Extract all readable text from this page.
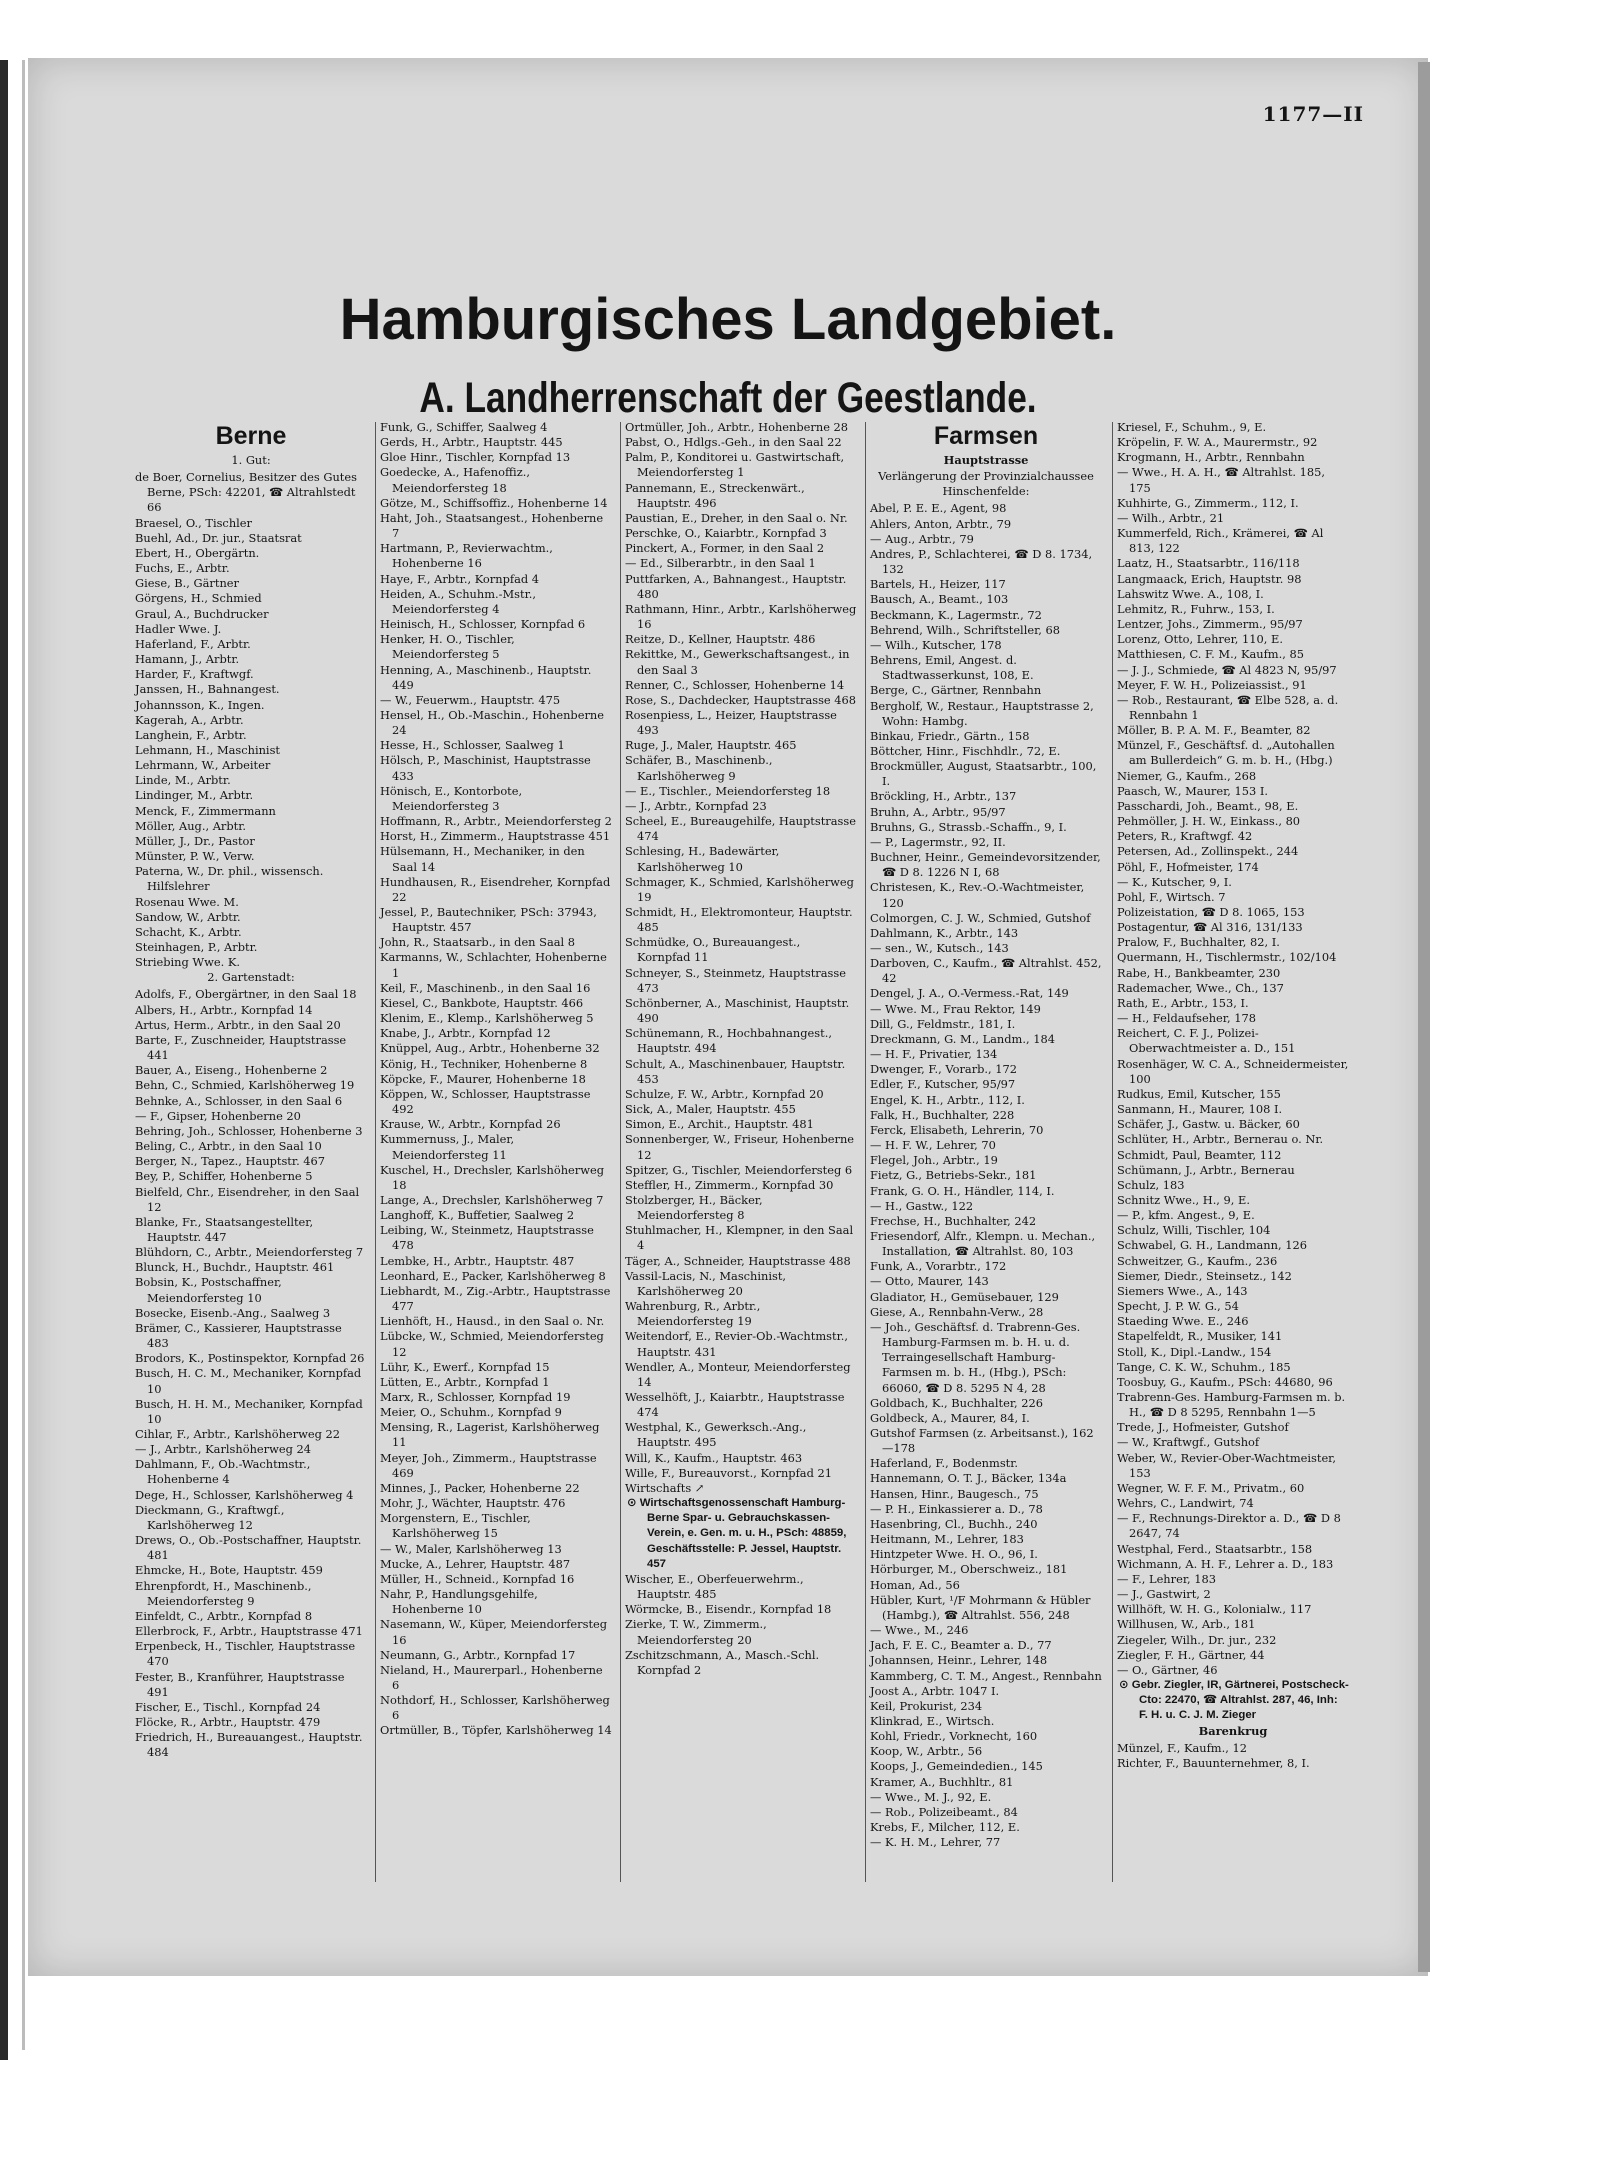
1177—II
Hamburgisches Landgebiet.
A. Landherrenschaft der Geestlande.
Berne
1. Gut:
de Boer, Cornelius, Besitzer des Gutes Berne, PSch: 42201, ☎ Altrahlstedt 66
Braesel, O., Tischler
Buehl, Ad., Dr. jur., Staatsrat
Ebert, H., Obergärtn.
Fuchs, E., Arbtr.
Giese, B., Gärtner
Görgens, H., Schmied
Graul, A., Buchdrucker
Hadler Wwe. J.
Haferland, F., Arbtr.
Hamann, J., Arbtr.
Harder, F., Kraftwgf.
Janssen, H., Bahnangest.
Johannsson, K., Ingen.
Kagerah, A., Arbtr.
Langhein, F., Arbtr.
Lehmann, H., Maschinist
Lehrmann, W., Arbeiter
Linde, M., Arbtr.
Lindinger, M., Arbtr.
Menck, F., Zimmermann
Möller, Aug., Arbtr.
Müller, J., Dr., Pastor
Münster, P. W., Verw.
Paterna, W., Dr. phil., wissensch. Hilfslehrer
Rosenau Wwe. M.
Sandow, W., Arbtr.
Schacht, K., Arbtr.
Steinhagen, P., Arbtr.
Striebing Wwe. K.
2. Gartenstadt:
Adolfs, F., Obergärtner, in den Saal 18
Albers, H., Arbtr., Kornpfad 14
Artus, Herm., Arbtr., in den Saal 20
Barte, F., Zuschneider, Hauptstrasse 441
Bauer, A., Eiseng., Hohenberne 2
Behn, C., Schmied, Karlshöherweg 19
Behnke, A., Schlosser, in den Saal 6
— F., Gipser, Hohenberne 20
Behring, Joh., Schlosser, Hohenberne 3
Beling, C., Arbtr., in den Saal 10
Berger, N., Tapez., Hauptstr. 467
Bey, P., Schiffer, Hohenberne 5
Bielfeld, Chr., Eisendreher, in den Saal 12
Blanke, Fr., Staatsangestellter, Hauptstr. 447
Blühdorn, C., Arbtr., Meiendorfersteg 7
Blunck, H., Buchdr., Hauptstr. 461
Bobsin, K., Postschaffner, Meiendorfersteg 10
Bosecke, Eisenb.-Ang., Saalweg 3
Brämer, C., Kassierer, Hauptstrasse 483
Brodors, K., Postinspektor, Kornpfad 26
Busch, H. C. M., Mechaniker, Kornpfad 10
Busch, H. H. M., Mechaniker, Kornpfad 10
Cihlar, F., Arbtr., Karlshöherweg 22
— J., Arbtr., Karlshöherweg 24
Dahlmann, F., Ob.-Wachtmstr., Hohenberne 4
Dege, H., Schlosser, Karlshöherweg 4
Dieckmann, G., Kraftwgf., Karlshöherweg 12
Drews, O., Ob.-Postschaffner, Hauptstr. 481
Ehmcke, H., Bote, Hauptstr. 459
Ehrenpfordt, H., Maschinenb., Meiendorfersteg 9
Einfeldt, C., Arbtr., Kornpfad 8
Ellerbrock, F., Arbtr., Hauptstrasse 471
Erpenbeck, H., Tischler, Hauptstrasse 470
Fester, B., Kranführer, Hauptstrasse 491
Fischer, E., Tischl., Kornpfad 24
Flöcke, R., Arbtr., Hauptstr. 479
Friedrich, H., Bureauangest., Hauptstr. 484
Funk, G., Schiffer, Saalweg 4
Gerds, H., Arbtr., Hauptstr. 445
Gloe Hinr., Tischler, Kornpfad 13
Goedecke, A., Hafenoffiz., Meiendorfersteg 18
Götze, M., Schiffsoffiz., Hohenberne 14
Haht, Joh., Staatsangest., Hohenberne 7
Hartmann, P., Revierwachtm., Hohenberne 16
Haye, F., Arbtr., Kornpfad 4
Heiden, A., Schuhm.-Mstr., Meiendorfersteg 4
Heinisch, H., Schlosser, Kornpfad 6
Henker, H. O., Tischler, Meiendorfersteg 5
Henning, A., Maschinenb., Hauptstr. 449
— W., Feuerwm., Hauptstr. 475
Hensel, H., Ob.-Maschin., Hohenberne 24
Hesse, H., Schlosser, Saalweg 1
Hölsch, P., Maschinist, Hauptstrasse 433
Hönisch, E., Kontorbote, Meiendorfersteg 3
Hoffmann, R., Arbtr., Meiendorfersteg 2
Horst, H., Zimmerm., Hauptstrasse 451
Hülsemann, H., Mechaniker, in den Saal 14
Hundhausen, R., Eisendreher, Kornpfad 22
Jessel, P., Bautechniker, PSch: 37943, Hauptstr. 457
John, R., Staatsarb., in den Saal 8
Karmanns, W., Schlachter, Hohenberne 1
Keil, F., Maschinenb., in den Saal 16
Kiesel, C., Bankbote, Hauptstr. 466
Klenim, E., Klemp., Karlshöherweg 5
Knabe, J., Arbtr., Kornpfad 12
Knüppel, Aug., Arbtr., Hohenberne 32
König, H., Techniker, Hohenberne 8
Köpcke, F., Maurer, Hohenberne 18
Köppen, W., Schlosser, Hauptstrasse 492
Krause, W., Arbtr., Kornpfad 26
Kummernuss, J., Maler, Meiendorfersteg 11
Kuschel, H., Drechsler, Karlshöherweg 18
Lange, A., Drechsler, Karlshöherweg 7
Langhoff, K., Buffetier, Saalweg 2
Leibing, W., Steinmetz, Hauptstrasse 478
Lembke, H., Arbtr., Hauptstr. 487
Leonhard, E., Packer, Karlshöherweg 8
Liebhardt, M., Zig.-Arbtr., Hauptstrasse 477
Lienhöft, H., Hausd., in den Saal o. Nr.
Lübcke, W., Schmied, Meiendorfersteg 12
Lühr, K., Ewerf., Kornpfad 15
Lütten, E., Arbtr., Kornpfad 1
Marx, R., Schlosser, Kornpfad 19
Meier, O., Schuhm., Kornpfad 9
Mensing, R., Lagerist, Karlshöherweg 11
Meyer, Joh., Zimmerm., Hauptstrasse 469
Minnes, J., Packer, Hohenberne 22
Mohr, J., Wächter, Hauptstr. 476
Morgenstern, E., Tischler, Karlshöherweg 15
— W., Maler, Karlshöherweg 13
Mucke, A., Lehrer, Hauptstr. 487
Müller, H., Schneid., Kornpfad 16
Nahr, P., Handlungsgehilfe, Hohenberne 10
Nasemann, W., Küper, Meiendorfersteg 16
Neumann, G., Arbtr., Kornpfad 17
Nieland, H., Maurerparl., Hohenberne 6
Nothdorf, H., Schlosser, Karlshöherweg 6
Ortmüller, B., Töpfer, Karlshöherweg 14
Ortmüller, Joh., Arbtr., Hohenberne 28
Pabst, O., Hdlgs.-Geh., in den Saal 22
Palm, P., Konditorei u. Gastwirtschaft, Meiendorfersteg 1
Pannemann, E., Streckenwärt., Hauptstr. 496
Paustian, E., Dreher, in den Saal o. Nr.
Perschke, O., Kaiarbtr., Kornpfad 3
Pinckert, A., Former, in den Saal 2
— Ed., Silberarbtr., in den Saal 1
Puttfarken, A., Bahnangest., Hauptstr. 480
Rathmann, Hinr., Arbtr., Karlshöherweg 16
Reitze, D., Kellner, Hauptstr. 486
Rekittke, M., Gewerkschaftsangest., in den Saal 3
Renner, C., Schlosser, Hohenberne 14
Rose, S., Dachdecker, Hauptstrasse 468
Rosenpiess, L., Heizer, Hauptstrasse 493
Ruge, J., Maler, Hauptstr. 465
Schäfer, B., Maschinenb., Karlshöherweg 9
— E., Tischler., Meiendorfersteg 18
— J., Arbtr., Kornpfad 23
Scheel, E., Bureaugehilfe, Hauptstrasse 474
Schlesing, H., Badewärter, Karlshöherweg 10
Schmager, K., Schmied, Karlshöherweg 19
Schmidt, H., Elektromonteur, Hauptstr. 485
Schmüdke, O., Bureauangest., Kornpfad 11
Schneyer, S., Steinmetz, Hauptstrasse 473
Schönberner, A., Maschinist, Hauptstr. 490
Schünemann, R., Hochbahnangest., Hauptstr. 494
Schult, A., Maschinenbauer, Hauptstr. 453
Schulze, F. W., Arbtr., Kornpfad 20
Sick, A., Maler, Hauptstr. 455
Simon, E., Archit., Hauptstr. 481
Sonnenberger, W., Friseur, Hohenberne 12
Spitzer, G., Tischler, Meiendorfersteg 6
Steffler, H., Zimmerm., Kornpfad 30
Stolzberger, H., Bäcker, Meiendorfersteg 8
Stuhlmacher, H., Klempner, in den Saal 4
Täger, A., Schneider, Hauptstrasse 488
Vassil-Lacis, N., Maschinist, Karlshöherweg 20
Wahrenburg, R., Arbtr., Meiendorfersteg 19
Weitendorf, E., Revier-Ob.-Wachtmstr., Hauptstr. 431
Wendler, A., Monteur, Meiendorfersteg 14
Wesselhöft, J., Kaiarbtr., Hauptstrasse 474
Westphal, K., Gewerksch.-Ang., Hauptstr. 495
Will, K., Kaufm., Hauptstr. 463
Wille, F., Bureauvorst., Kornpfad 21
Wirtschafts ↗
⊙ Wirtschaftsgenossenschaft Hamburg-Berne Spar- u. Gebrauchskassen-Verein, e. Gen. m. u. H., PSch: 48859, Geschäftsstelle: P. Jessel, Hauptstr. 457
Wischer, E., Oberfeuerwehrm., Hauptstr. 485
Wörmcke, B., Eisendr., Kornpfad 18
Zierke, T. W., Zimmerm., Meiendorfersteg 20
Zschitzschmann, A., Masch.-Schl. Kornpfad 2
Farmsen
Hauptstrasse
Verlängerung der Provinzialchaussee Hinschenfelde:
Abel, P. E. E., Agent, 98
Ahlers, Anton, Arbtr., 79
— Aug., Arbtr., 79
Andres, P., Schlachterei, ☎ D 8. 1734, 132
Bartels, H., Heizer, 117
Bausch, A., Beamt., 103
Beckmann, K., Lagermstr., 72
Behrend, Wilh., Schriftsteller, 68
— Wilh., Kutscher, 178
Behrens, Emil, Angest. d. Stadtwasserkunst, 108, E.
Berge, C., Gärtner, Rennbahn
Bergholf, W., Restaur., Hauptstrasse 2, Wohn: Hambg.
Binkau, Friedr., Gärtn., 158
Böttcher, Hinr., Fischhdlr., 72, E.
Brockmüller, August, Staatsarbtr., 100, I.
Bröckling, H., Arbtr., 137
Bruhn, A., Arbtr., 95/97
Bruhns, G., Strassb.-Schaffn., 9, I.
— P., Lagermstr., 92, II.
Buchner, Heinr., Gemeindevorsitzender, ☎ D 8. 1226 N I, 68
Christesen, K., Rev.-O.-Wachtmeister, 120
Colmorgen, C. J. W., Schmied, Gutshof
Dahlmann, K., Arbtr., 143
— sen., W., Kutsch., 143
Darboven, C., Kaufm., ☎ Altrahlst. 452, 42
Dengel, J. A., O.-Vermess.-Rat, 149
— Wwe. M., Frau Rektor, 149
Dill, G., Feldmstr., 181, I.
Dreckmann, G. M., Landm., 184
— H. F., Privatier, 134
Dwenger, F., Vorarb., 172
Edler, F., Kutscher, 95/97
Engel, K. H., Arbtr., 112, I.
Falk, H., Buchhalter, 228
Ferck, Elisabeth, Lehrerin, 70
— H. F. W., Lehrer, 70
Flegel, Joh., Arbtr., 19
Fietz, G., Betriebs-Sekr., 181
Frank, G. O. H., Händler, 114, I.
— H., Gastw., 122
Frechse, H., Buchhalter, 242
Friesendorf, Alfr., Klempn. u. Mechan., Installation, ☎ Altrahlst. 80, 103
Funk, A., Vorarbtr., 172
— Otto, Maurer, 143
Gladiator, H., Gemüsebauer, 129
Giese, A., Rennbahn-Verw., 28
— Joh., Geschäftsf. d. Trabrenn-Ges. Hamburg-Farmsen m. b. H. u. d. Terraingesellschaft Hamburg-Farmsen m. b. H., (Hbg.), PSch: 66060, ☎ D 8. 5295 N 4, 28
Goldbach, K., Buchhalter, 226
Goldbeck, A., Maurer, 84, I.
Gutshof Farmsen (z. Arbeitsanst.), 162—178
Haferland, F., Bodenmstr.
Hannemann, O. T. J., Bäcker, 134a
Hansen, Hinr., Baugesch., 75
— P. H., Einkassierer a. D., 78
Hasenbring, Cl., Buchh., 240
Heitmann, M., Lehrer, 183
Hintzpeter Wwe. H. O., 96, I.
Hörburger, M., Oberschweiz., 181
Homan, Ad., 56
Hübler, Kurt, ¹/F Mohrmann & Hübler (Hambg.), ☎ Altrahlst. 556, 248
— Wwe., M., 246
Jach, F. E. C., Beamter a. D., 77
Johannsen, Heinr., Lehrer, 148
Kammberg, C. T. M., Angest., Rennbahn
Joost A., Arbtr. 1047 I.
Keil, Prokurist, 234
Klinkrad, E., Wirtsch.
Kohl, Friedr., Vorknecht, 160
Koop, W., Arbtr., 56
Koops, J., Gemeindedien., 145
Kramer, A., Buchhltr., 81
— Wwe., M. J., 92, E.
— Rob., Polizeibeamt., 84
Krebs, F., Milcher, 112, E.
— K. H. M., Lehrer, 77
Kriesel, F., Schuhm., 9, E.
Kröpelin, F. W. A., Maurermstr., 92
Krogmann, H., Arbtr., Rennbahn
— Wwe., H. A. H., ☎ Altrahlst. 185, 175
Kuhhirte, G., Zimmerm., 112, I.
— Wilh., Arbtr., 21
Kummerfeld, Rich., Krämerei, ☎ Al 813, 122
Laatz, H., Staatsarbtr., 116/118
Langmaack, Erich, Hauptstr. 98
Lahswitz Wwe. A., 108, I.
Lehmitz, R., Fuhrw., 153, I.
Lentzer, Johs., Zimmerm., 95/97
Lorenz, Otto, Lehrer, 110, E.
Matthiesen, C. F. M., Kaufm., 85
— J. J., Schmiede, ☎ Al 4823 N, 95/97
Meyer, F. W. H., Polizeiassist., 91
— Rob., Restaurant, ☎ Elbe 528, a. d. Rennbahn 1
Möller, B. P. A. M. F., Beamter, 82
Münzel, F., Geschäftsf. d. „Autohallen am Bullerdeich“ G. m. b. H., (Hbg.)
Niemer, G., Kaufm., 268
Paasch, W., Maurer, 153 I.
Passchardi, Joh., Beamt., 98, E.
Pehmöller, J. H. W., Einkass., 80
Peters, R., Kraftwgf. 42
Petersen, Ad., Zollinspekt., 244
Pöhl, F., Hofmeister, 174
— K., Kutscher, 9, I.
Pohl, F., Wirtsch. 7
Polizeistation, ☎ D 8. 1065, 153
Postagentur, ☎ Al 316, 131/133
Pralow, F., Buchhalter, 82, I.
Quermann, H., Tischlermstr., 102/104
Rabe, H., Bankbeamter, 230
Rademacher, Wwe., Ch., 137
Rath, E., Arbtr., 153, I.
— H., Feldaufseher, 178
Reichert, C. F. J., Polizei-Oberwachtmeister a. D., 151
Rosenhäger, W. C. A., Schneidermeister, 100
Rudkus, Emil, Kutscher, 155
Sanmann, H., Maurer, 108 I.
Schäfer, J., Gastw. u. Bäcker, 60
Schlüter, H., Arbtr., Bernerau o. Nr.
Schmidt, Paul, Beamter, 112
Schümann, J., Arbtr., Bernerau
Schulz, 183
Schnitz Wwe., H., 9, E.
— P., kfm. Angest., 9, E.
Schulz, Willi, Tischler, 104
Schwabel, G. H., Landmann, 126
Schweitzer, G., Kaufm., 236
Siemer, Diedr., Steinsetz., 142
Siemers Wwe., A., 143
Specht, J. P. W. G., 54
Staeding Wwe. E., 246
Stapelfeldt, R., Musiker, 141
Stoll, K., Dipl.-Landw., 154
Tange, C. K. W., Schuhm., 185
Toosbuy, G., Kaufm., PSch: 44680, 96
Trabrenn-Ges. Hamburg-Farmsen m. b. H., ☎ D 8 5295, Rennbahn 1—5
Trede, J., Hofmeister, Gutshof
— W., Kraftwgf., Gutshof
Weber, W., Revier-Ober-Wachtmeister, 153
Wegner, W. F. F. M., Privatm., 60
Wehrs, C., Landwirt, 74
— F., Rechnungs-Direktor a. D., ☎ D 8 2647, 74
Westphal, Ferd., Staatsarbtr., 158
Wichmann, A. H. F., Lehrer a. D., 183
— F., Lehrer, 183
— J., Gastwirt, 2
Willhöft, W. H. G., Kolonialw., 117
Willhusen, W., Arb., 181
Ziegeler, Wilh., Dr. jur., 232
Ziegler, F. H., Gärtner, 44
— O., Gärtner, 46
⊙ Gebr. Ziegler, IR, Gärtnerei, Postscheck-Cto: 22470, ☎ Altrahlst. 287, 46, Inh: F. H. u. C. J. M. Zieger
Barenkrug
Münzel, F., Kaufm., 12
Richter, F., Bauunternehmer, 8, I.
